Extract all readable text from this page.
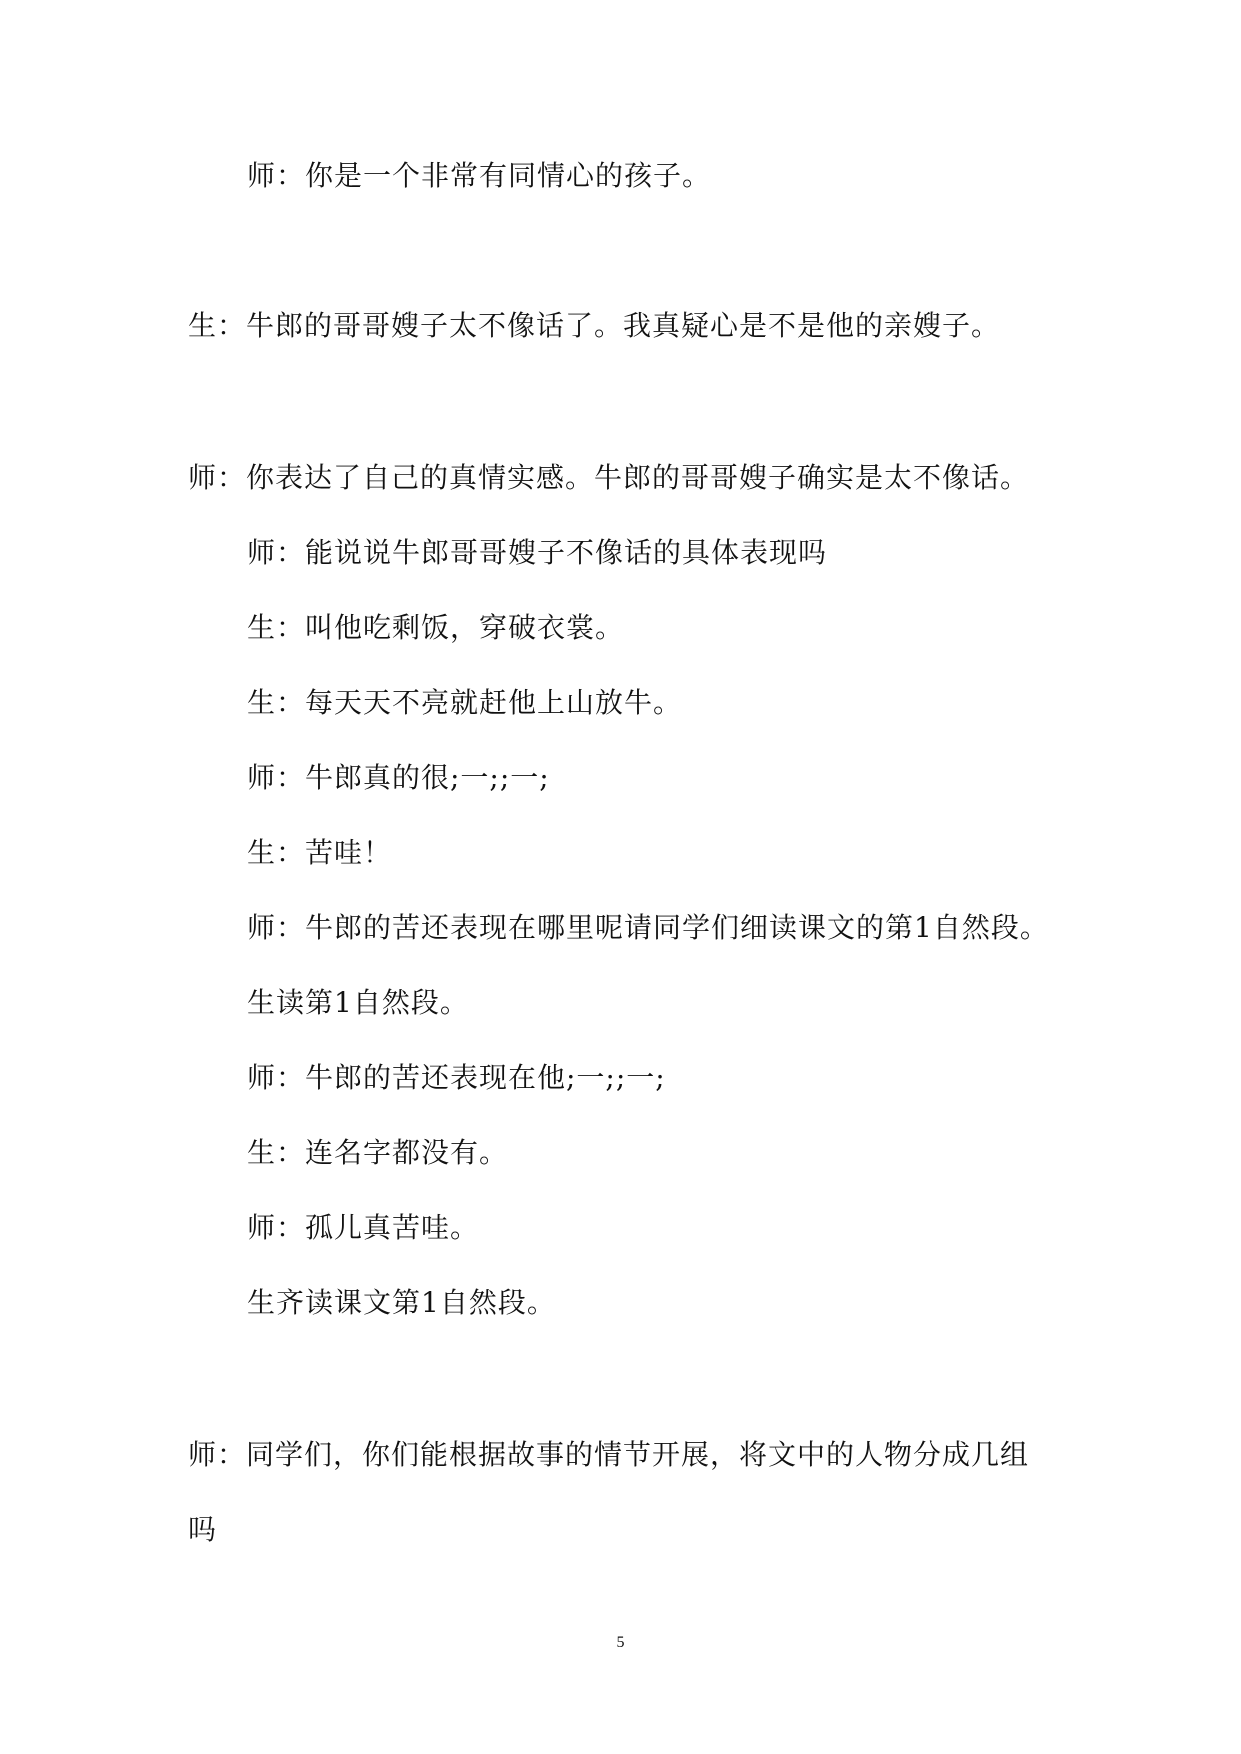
师：你是一个非常有同情心的孩子。
生：牛郎的哥哥嫂子太不像话了。我真疑心是不是他的亲嫂子。
师：你表达了自己的真情实感。牛郎的哥哥嫂子确实是太不像话。
师：能说说牛郎哥哥嫂子不像话的具体表现吗
生：叫他吃剩饭，穿破衣裳。
生：每天天不亮就赶他上山放牛。
师：牛郎真的很;一;;一;
生：苦哇！
师：牛郎的苦还表现在哪里呢请同学们细读课文的第1自然段。
生读第1自然段。
师：牛郎的苦还表现在他;一;;一;
生：连名字都没有。
师：孤儿真苦哇。
生齐读课文第1自然段。
师：同学们，你们能根据故事的情节开展，将文中的人物分成几组
吗
5
